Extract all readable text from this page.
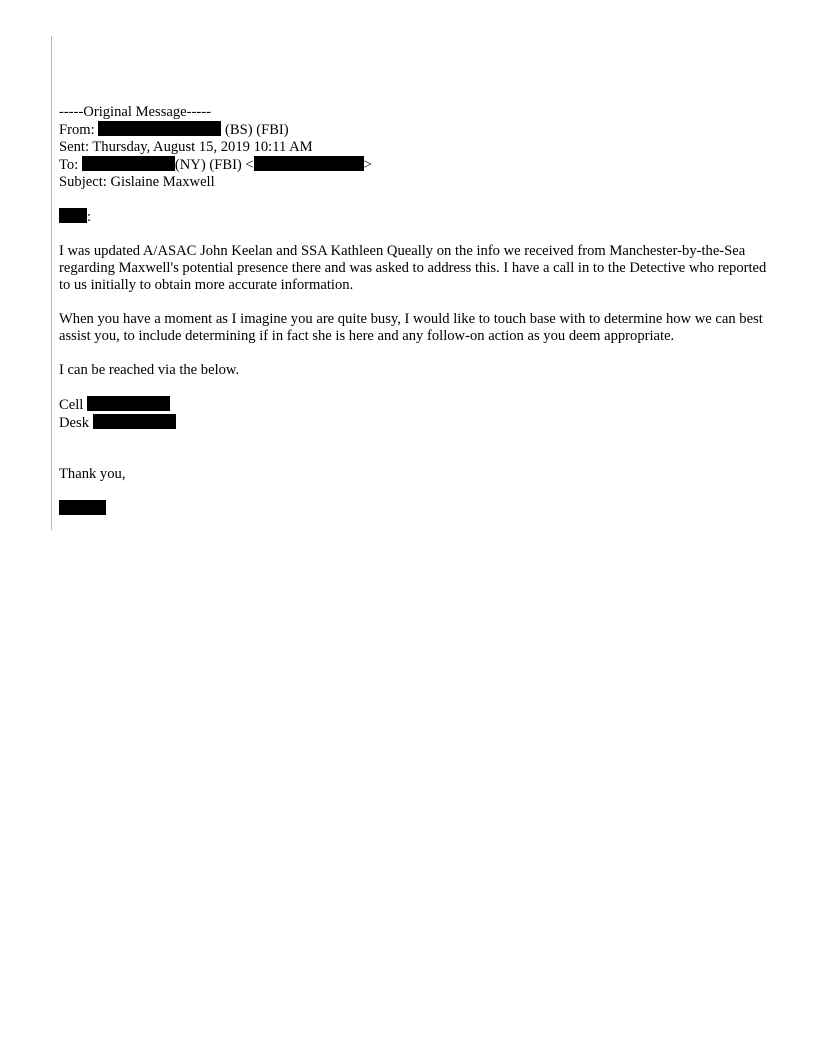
-----Original Message-----
From:	(BS) (FBI)
Sent: Thursday, August 15, 2019 10:11 AM
To:	(NY) (FBI) <	>
Subject: Gislaine Maxwell
:
I was updated A/ASAC John Keelan and SSA Kathleen Queally on the info we received from Manchester-by-the-Sea regarding Maxwell's potential presence there and was asked to address this. I have a call in to the Detective who reported to us initially to obtain more accurate information.
When you have a moment as I imagine you are quite busy, I would like to touch base with to determine how we can best assist you, to include determining if in fact she is here and any follow-on action as you deem appropriate.
I can be reached via the below.
Cell
Desk
Thank you,
